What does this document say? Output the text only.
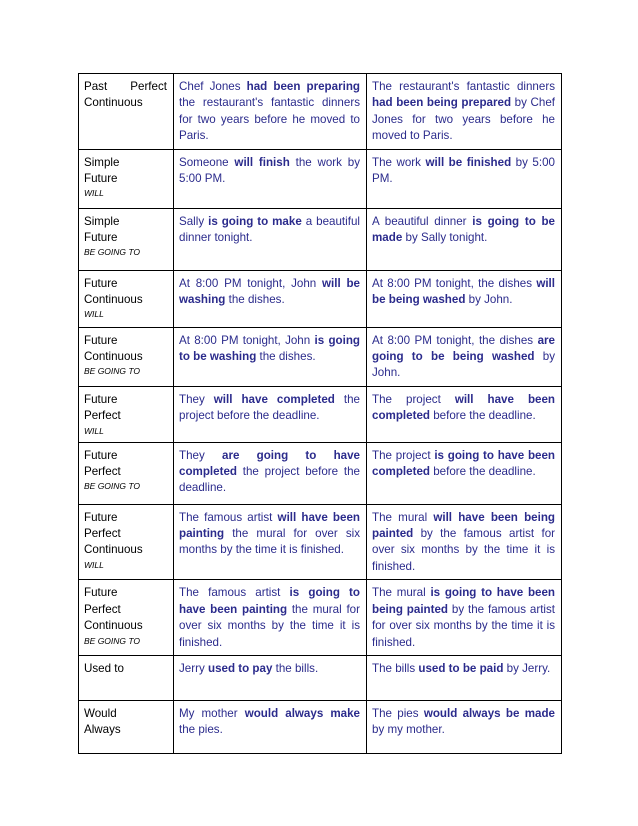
Past Perfect
Continuous	Chef Jones had been preparing the restaurant's fantastic dinners for two years before he moved to Paris.	The restaurant's fantastic dinners had been being prepared by Chef Jones for two years before he moved to Paris.

Simple
Future
WILL	Someone will finish the work by 5:00 PM.	The work will be finished by 5:00 PM.

Simple
Future
BE GOING TO	Sally is going to make a beautiful dinner tonight.	A beautiful dinner is going to be made by Sally tonight.

Future
Continuous
WILL	At 8:00 PM tonight, John will be washing the dishes.	At 8:00 PM tonight, the dishes will be being washed by John.

Future
Continuous
BE GOING TO	At 8:00 PM tonight, John is going to be washing the dishes.	At 8:00 PM tonight, the dishes are going to be being washed by John.

Future
Perfect
WILL	They will have completed the project before the deadline.	The project will have been completed before the deadline.

Future
Perfect
BE GOING TO	They are going to have completed the project before the deadline.	The project is going to have been completed before the deadline.

Future
Perfect
Continuous
WILL	The famous artist will have been painting the mural for over six months by the time it is finished.	The mural will have been being painted by the famous artist for over six months by the time it is finished.

Future
Perfect
Continuous
BE GOING TO	The famous artist is going to have been painting the mural for over six months by the time it is finished.	The mural is going to have been being painted by the famous artist for over six months by the time it is finished.

Used to	Jerry used to pay the bills.	The bills used to be paid by Jerry.

Would
Always	My mother would always make the pies.	The pies would always be made by my mother.
